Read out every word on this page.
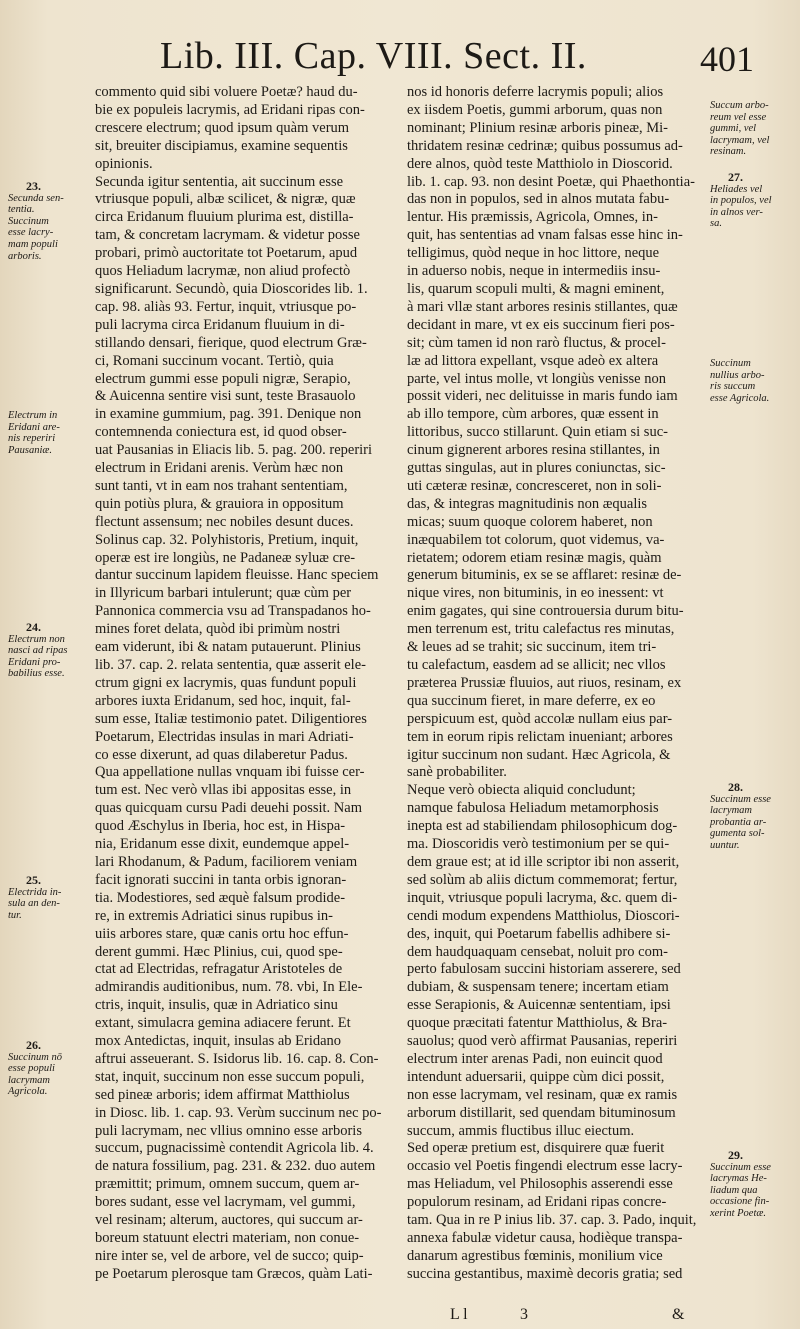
Lib. III. Cap. VIII. Sect. II.	401

commento quid sibi voluere Poetæ? haud du-

bie ex populeis lacrymis, ad Eridani ripas con-

crescere electrum; quod ipsum quàm verum

sit, breuiter discipiamus, examine sequentis

opinionis.

Secunda igitur sententia, ait succinum esse

vtriusque populi, albæ scilicet, & nigræ, quæ

circa Eridanum fluuium plurima est, distilla-

tam, & concretam lacrymam. & videtur posse

probari, primò auctoritate tot Poetarum, apud

quos Heliadum lacrymæ, non aliud profectò

significarunt. Secundò, quia Dioscorides lib. 1.

cap. 98. aliàs 93. Fertur, inquit, vtriusque po-

puli lacryma circa Eridanum fluuium in di-

stillando densari, fierique, quod electrum Græ-

ci, Romani succinum vocant. Tertiò, quia

electrum gummi esse populi nigræ, Serapio,

& Auicenna sentire visi sunt, teste Brasauolo

in examine gummium, pag. 391. Denique non

contemnenda coniectura est, id quod obser-

uat Pausanias in Eliacis lib. 5. pag. 200. reperiri

electrum in Eridani arenis. Verùm hæc non

sunt tanti, vt in eam nos trahant sententiam,

quin potiùs plura, & grauiora in oppositum

flectunt assensum; nec nobiles desunt duces.

Solinus cap. 32. Polyhistoris, Pretium, inquit,

operæ est ire longiùs, ne Padaneæ syluæ cre-

dantur succinum lapidem fleuisse. Hanc speciem

in Illyricum barbari intulerunt; quæ cùm per

Pannonica commercia vsu ad Transpadanos ho-

mines foret delata, quòd ibi primùm nostri

eam viderunt, ibi & natam putauerunt. Plinius

lib. 37. cap. 2. relata sententia, quæ asserit ele-

ctrum gigni ex lacrymis, quas fundunt populi

arbores iuxta Eridanum, sed hoc, inquit, fal-

sum esse, Italiæ testimonio patet. Diligentiores

Poetarum, Electridas insulas in mari Adriati-

co esse dixerunt, ad quas dilaberetur Padus.

Qua appellatione nullas vnquam ibi fuisse cer-

tum est. Nec verò vllas ibi appositas esse, in

quas quicquam cursu Padi deuehi possit. Nam

quod Æschylus in Iberia, hoc est, in Hispa-

nia, Eridanum esse dixit, eundemque appel-

lari Rhodanum, & Padum, faciliorem veniam

facit ignorati succini in tanta orbis ignoran-

tia. Modestiores, sed æquè falsum prodide-

re, in extremis Adriatici sinus rupibus in-

uiis arbores stare, quæ canis ortu hoc effun-

derent gummi. Hæc Plinius, cui, quod spe-

ctat ad Electridas, refragatur Aristoteles de

admirandis auditionibus, num. 78. vbi, In Ele-

ctris, inquit, insulis, quæ in Adriatico sinu

extant, simulacra gemina adiacere ferunt. Et

mox Antedictas, inquit, insulas ab Eridano

aftrui asseuerant. S. Isidorus lib. 16. cap. 8. Con-

stat, inquit, succinum non esse succum populi,

sed pineæ arboris; idem affirmat Matthiolus

in Diosc. lib. 1. cap. 93. Verùm succinum nec po-

puli lacrymam, nec vllius omnino esse arboris

succum, pugnacissimè contendit Agricola lib. 4.

de natura fossilium, pag. 231. & 232. duo autem

præmittit; primum, omnem succum, quem ar-

bores sudant, esse vel lacrymam, vel gummi,

vel resinam; alterum, auctores, qui succum ar-

boreum statuunt electri materiam, non conue-

nire inter se, vel de arbore, vel de succo; quip-

pe Poetarum plerosque tam Græcos, quàm Lati-

nos id honoris deferre lacrymis populi; alios

ex iisdem Poetis, gummi arborum, quas non

nominant; Plinium resinæ arboris pineæ, Mi-

thridatem resinæ cedrinæ; quibus possumus ad-

dere alnos, quòd teste Matthiolo in Dioscorid.

lib. 1. cap. 93. non desint Poetæ, qui Phaethontia-

das non in populos, sed in alnos mutata fabu-

lentur. His præmissis, Agricola, Omnes, in-

quit, has sententias ad vnam falsas esse hinc in-

telligimus, quòd neque in hoc littore, neque

in aduerso nobis, neque in intermediis insu-

lis, quarum scopuli multi, & magni eminent,

à mari vllæ stant arbores resinis stillantes, quæ

decidant in mare, vt ex eis succinum fieri pos-

sit; cùm tamen id non rarò fluctus, & procel-

læ ad littora expellant, vsque adeò ex altera

parte, vel intus molle, vt longiùs venisse non

possit videri, nec delituisse in maris fundo iam

ab illo tempore, cùm arbores, quæ essent in

littoribus, succo stillarunt. Quin etiam si suc-

cinum gignerent arbores resina stillantes, in

guttas singulas, aut in plures coniunctas, sic-

uti cæteræ resinæ, concresceret, non in soli-

das, & integras magnitudinis non æqualis

micas; suum quoque colorem haberet, non

inæquabilem tot colorum, quot videmus, va-

rietatem; odorem etiam resinæ magis, quàm

generum bituminis, ex se se afflaret: resinæ de-

nique vires, non bituminis, in eo inessent: vt

enim gagates, qui sine controuersia durum bitu-

men terrenum est, tritu calefactus res minutas,

& leues ad se trahit; sic succinum, item tri-

tu calefactum, easdem ad se allicit; nec vllos

præterea Prussiæ fluuios, aut riuos, resinam, ex

qua succinum fieret, in mare deferre, ex eo

perspicuum est, quòd accolæ nullam eius par-

tem in eorum ripis relictam inueniant; arbores

igitur succinum non sudant. Hæc Agricola, &

sanè probabiliter.

Neque verò obiecta aliquid concludunt;

namque fabulosa Heliadum metamorphosis

inepta est ad stabiliendam philosophicum dog-

ma. Dioscoridis verò testimonium per se qui-

dem graue est; at id ille scriptor ibi non asserit,

sed solùm ab aliis dictum commemorat; fertur,

inquit, vtriusque populi lacryma, &c. quem di-

cendi modum expendens Matthiolus, Dioscori-

des, inquit, qui Poetarum fabellis adhibere si-

dem haudquaquam censebat, noluit pro com-

perto fabulosam succini historiam asserere, sed

dubiam, & suspensam tenere; incertam etiam

esse Serapionis, & Auicennæ sententiam, ipsi

quoque præcitati fatentur Matthiolus, & Bra-

sauolus; quod verò affirmat Pausanias, reperiri

electrum inter arenas Padi, non euincit quod

intendunt aduersarii, quippe cùm dici possit,

non esse lacrymam, vel resinam, quæ ex ramis

arborum distillarit, sed quendam bituminosum

succum, ammis fluctibus illuc eiectum.

Sed operæ pretium est, disquirere quæ fuerit

occasio vel Poetis fingendi electrum esse lacry-

mas Heliadum, vel Philosophis asserendi esse

populorum resinam, ad Eridani ripas concre-

tam. Qua in re P inius lib. 37. cap. 3. Pado, inquit,

annexa fabulæ videtur causa, hodièque transpa-

danarum agrestibus fœminis, monilium vice

succina gestantibus, maximè decoris gratia; sed

23.
Secunda sen-
tentia.
Succinum
esse lacry-
mam populi
arboris.
Electrum in
Eridani are-
nis reperiri
Pausaniæ.
24.
Electrum non
nasci ad ripas
Eridani pro-
babilius esse.
25.
Electrida in-
sula an den-
tur.
26.
Succinum nō
esse populi
lacrymam
Agricola.
Succum arbo-
reum vel esse
gummi, vel
lacrymam, vel
resinam.
27.
Heliades vel
in populos, vel
in alnos ver-
sa.
Succinum
nullius arbo-
ris succum
esse Agricola.
28.
Succinum esse
lacrymam
probantia ar-
gumenta sol-
uuntur.
29.
Succinum esse
lacrymas He-
liadum qua
occasione fin-
xerint Poetæ.
L l	3	&
